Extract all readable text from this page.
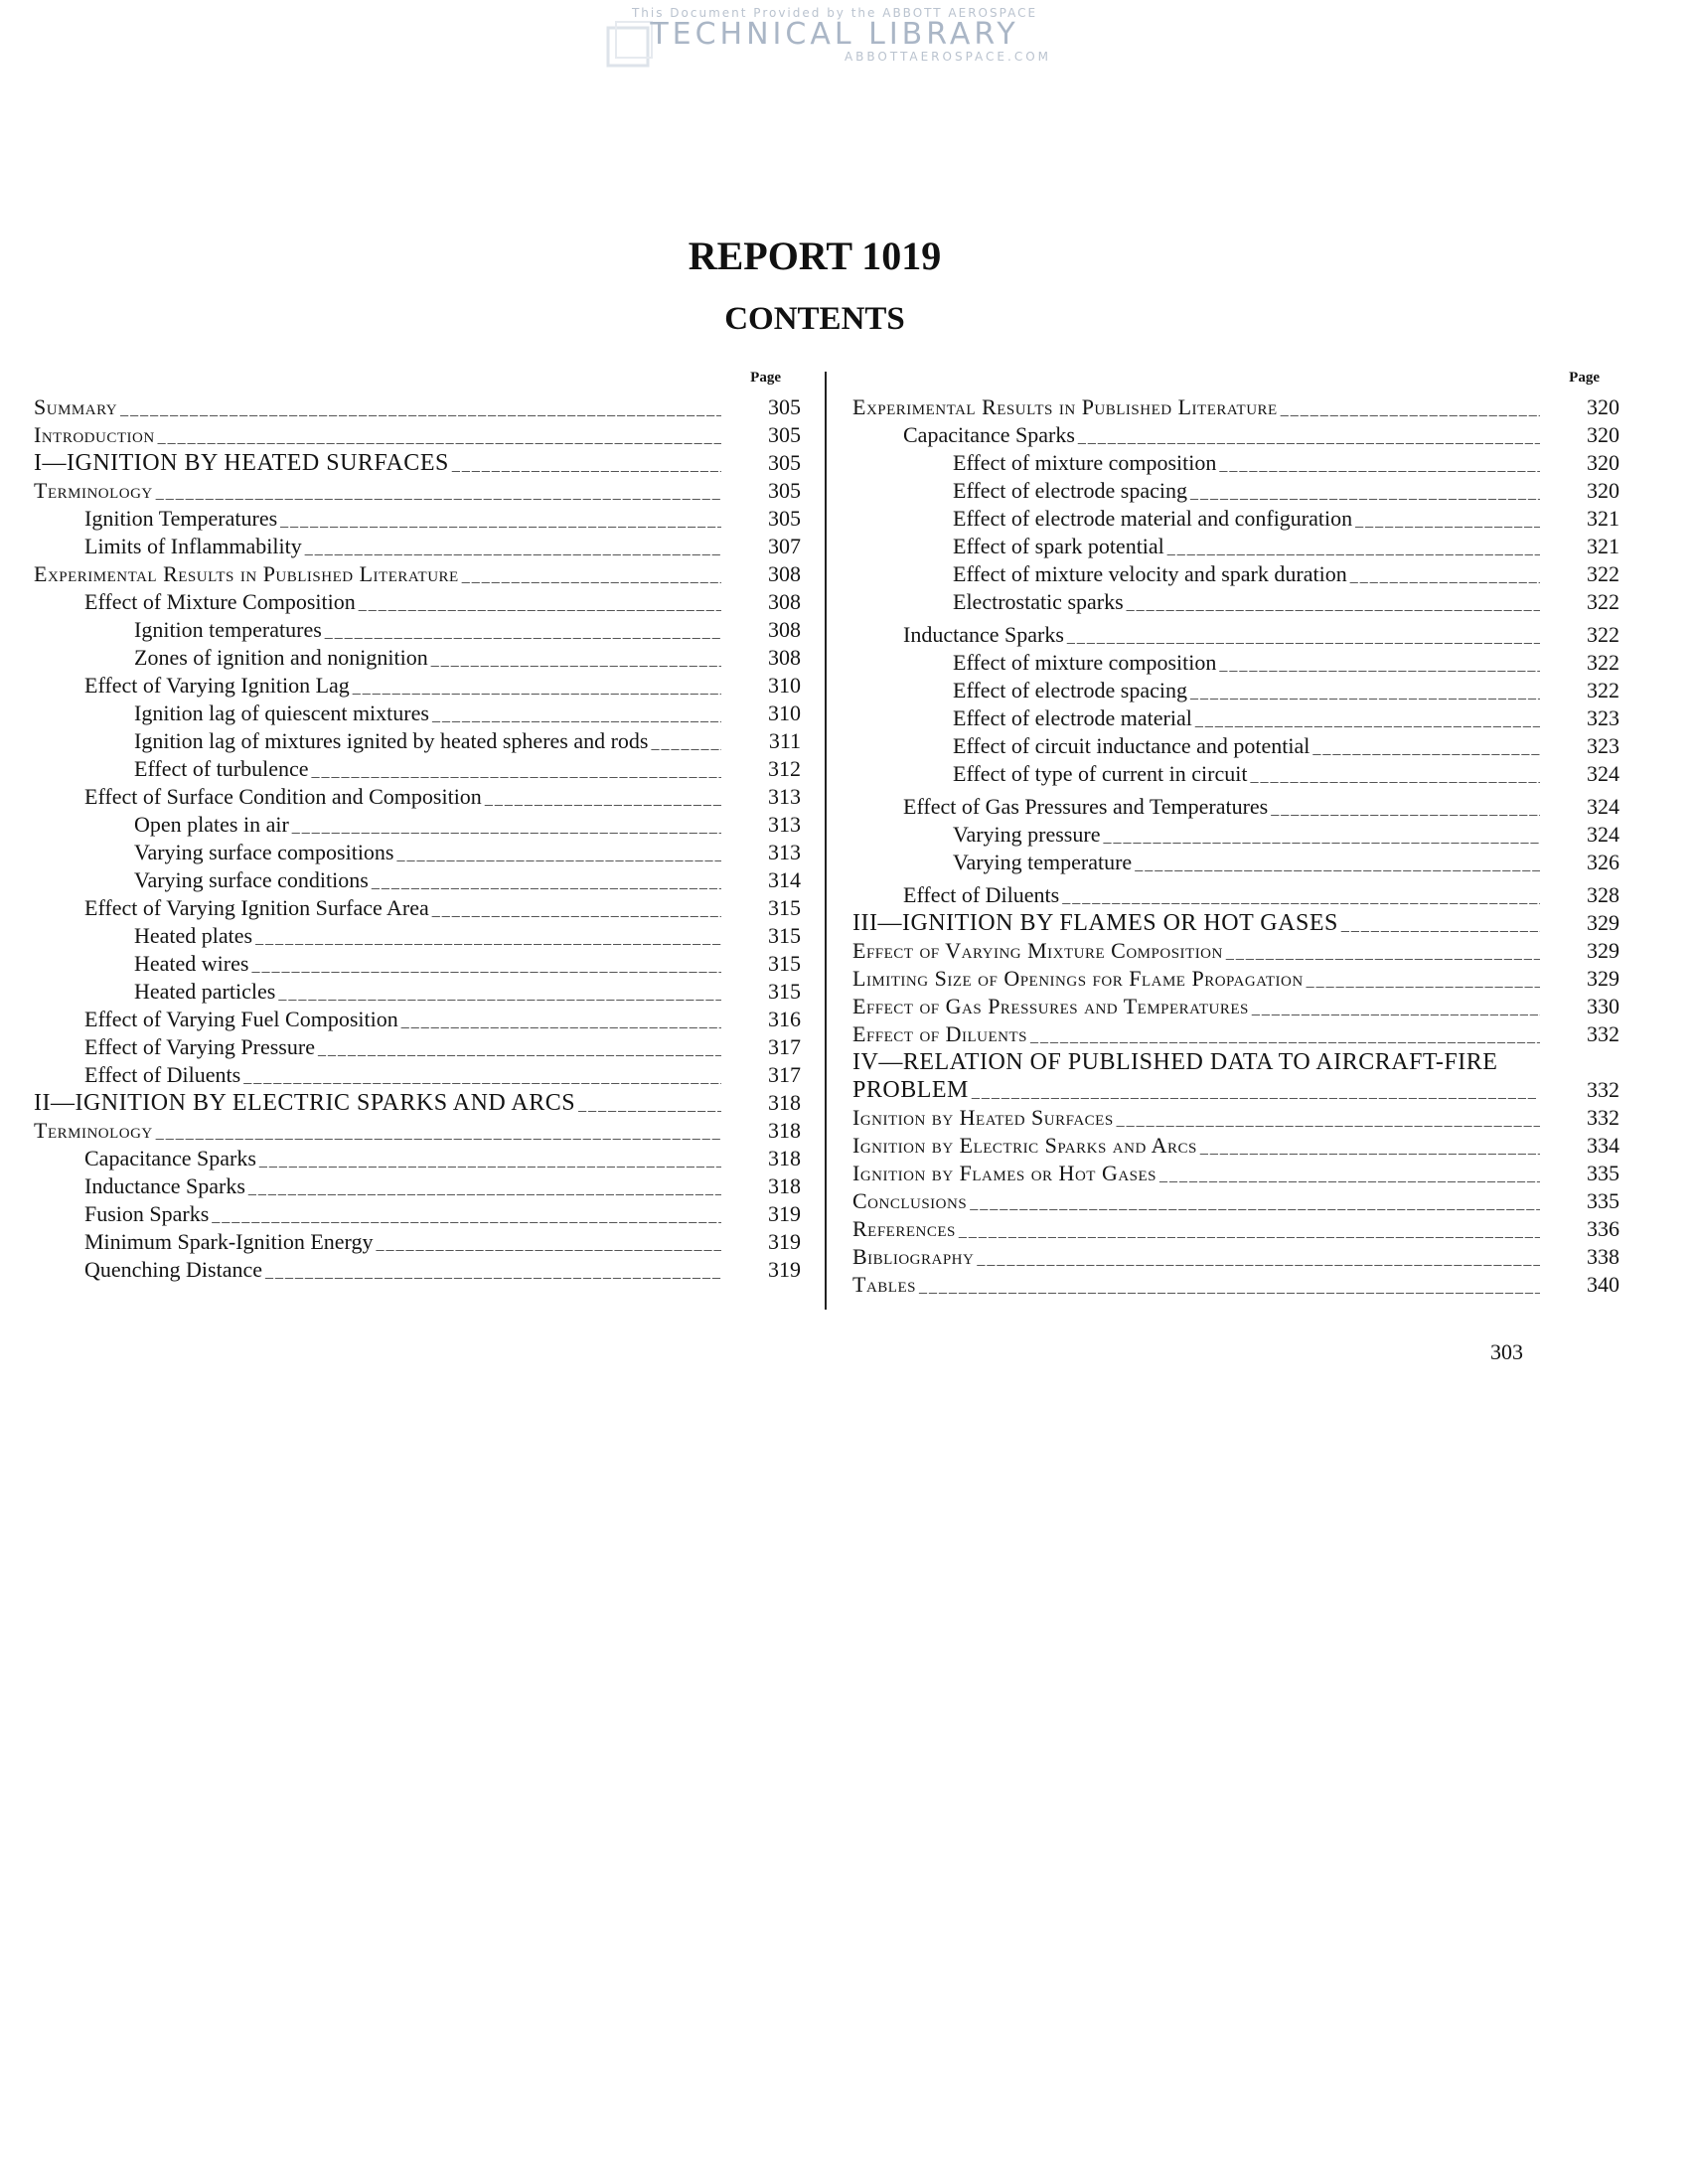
This Document Provided by the ABBOTT AEROSPACE
TECHNICAL LIBRARY
ABBOTTAEROSPACE.COM
REPORT 1019
CONTENTS
Page
Summary _ _ _	305
Introduction _ _ _	305
I—IGNITION BY HEATED SURFACES _ _ _	305
Terminology _ _ _	305
Ignition Temperatures _ _ _	305
Limits of Inflammability _ _ _	307
Experimental Results in Published Literature _ _ _	308
Effect of Mixture Composition _ _ _	308
Ignition temperatures _ _ _	308
Zones of ignition and nonignition _ _ _	308
Effect of Varying Ignition Lag _ _ _	310
Ignition lag of quiescent mixtures _ _ _	310
Ignition lag of mixtures ignited by heated spheres and rods _ _ _	311
Effect of turbulence _ _ _	312
Effect of Surface Condition and Composition _ _ _	313
Open plates in air _ _ _	313
Varying surface compositions _ _ _	313
Varying surface conditions _ _ _	314
Effect of Varying Ignition Surface Area _ _ _	315
Heated plates _ _ _	315
Heated wires _ _ _	315
Heated particles _ _ _	315
Effect of Varying Fuel Composition _ _ _	316
Effect of Varying Pressure _ _ _	317
Effect of Diluents _ _ _	317
II—IGNITION BY ELECTRIC SPARKS AND ARCS _ _ _	318
Terminology _ _ _	318
Capacitance Sparks _ _ _	318
Inductance Sparks _ _ _	318
Fusion Sparks _ _ _	319
Minimum Spark-Ignition Energy _ _ _	319
Quenching Distance _ _ _	319
Page
Experimental Results in Published Literature _ _ _	320
Capacitance Sparks _ _ _	320
Effect of mixture composition _ _ _	320
Effect of electrode spacing _ _ _	320
Effect of electrode material and configuration _ _ _	321
Effect of spark potential _ _ _	321
Effect of mixture velocity and spark duration _ _ _	322
Electrostatic sparks _ _ _	322
Inductance Sparks _ _ _	322
Effect of mixture composition _ _ _	322
Effect of electrode spacing _ _ _	322
Effect of electrode material _ _ _	323
Effect of circuit inductance and potential _ _ _	323
Effect of type of current in circuit _ _ _	324
Effect of Gas Pressures and Temperatures _ _ _	324
Varying pressure _ _ _	324
Varying temperature _ _ _	326
Effect of Diluents _ _ _	328
III—IGNITION BY FLAMES OR HOT GASES _ _ _	329
Effect of Varying Mixture Composition _ _ _	329
Limiting Size of Openings for Flame Propagation _ _ _	329
Effect of Gas Pressures and Temperatures _ _ _	330
Effect of Diluents _ _ _	332
IV—RELATION OF PUBLISHED DATA TO AIRCRAFT-FIRE PROBLEM _ _ _	332
Ignition by Heated Surfaces _ _ _	332
Ignition by Electric Sparks and Arcs _ _ _	334
Ignition by Flames or Hot Gases _ _ _	335
Conclusions _ _ _	335
References _ _ _	336
Bibliography _ _ _	338
Tables _ _ _	340
303
